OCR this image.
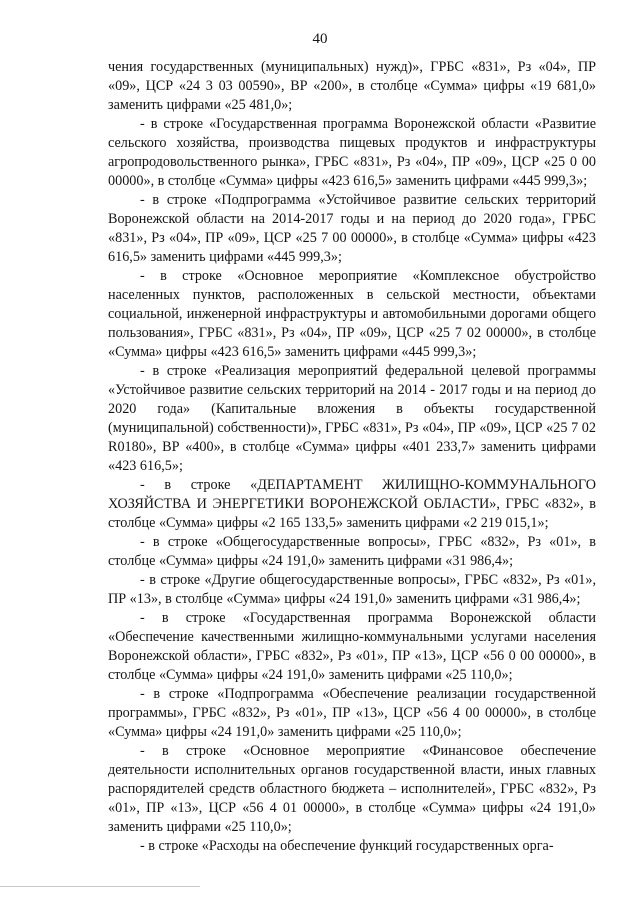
40

чения государственных (муниципальных) нужд)», ГРБС «831», Рз «04», ПР «09», ЦСР «24 3 03 00590», ВР «200», в столбце «Сумма» цифры «19 681,0» заменить цифрами «25 481,0»;

- в строке «Государственная программа Воронежской области «Развитие сельского хозяйства, производства пищевых продуктов и инфраструктуры агропродовольственного рынка», ГРБС «831», Рз «04», ПР «09», ЦСР «25 0 00 00000», в столбце «Сумма» цифры «423 616,5» заменить цифрами «445 999,3»;

- в строке «Подпрограмма «Устойчивое развитие сельских территорий Воронежской области на 2014-2017 годы и на период до 2020 года», ГРБС «831», Рз «04», ПР «09», ЦСР «25 7 00 00000», в столбце «Сумма» цифры «423 616,5» заменить цифрами «445 999,3»;

- в строке «Основное мероприятие «Комплексное обустройство населенных пунктов, расположенных в сельской местности, объектами социальной, инженерной инфраструктуры и автомобильными дорогами общего пользования», ГРБС «831», Рз «04», ПР «09», ЦСР «25 7 02 00000», в столбце «Сумма» цифры «423 616,5» заменить цифрами «445 999,3»;

- в строке «Реализация мероприятий федеральной целевой программы «Устойчивое развитие сельских территорий на 2014 - 2017 годы и на период до 2020 года» (Капитальные вложения в объекты государственной (муниципальной) собственности)», ГРБС «831», Рз «04», ПР «09», ЦСР «25 7 02 R0180», ВР «400», в столбце «Сумма» цифры «401 233,7» заменить цифрами «423 616,5»;

- в строке «ДЕПАРТАМЕНТ ЖИЛИЩНО-КОММУНАЛЬНОГО ХОЗЯЙСТВА И ЭНЕРГЕТИКИ ВОРОНЕЖСКОЙ ОБЛАСТИ», ГРБС «832», в столбце «Сумма» цифры «2 165 133,5» заменить цифрами «2 219 015,1»;

- в строке «Общегосударственные вопросы», ГРБС «832», Рз «01», в столбце «Сумма» цифры «24 191,0» заменить цифрами «31 986,4»;

- в строке «Другие общегосударственные вопросы», ГРБС «832», Рз «01», ПР «13», в столбце «Сумма» цифры «24 191,0» заменить цифрами «31 986,4»;

- в строке «Государственная программа Воронежской области «Обеспечение качественными жилищно-коммунальными услугами населения Воронежской области», ГРБС «832», Рз «01», ПР «13», ЦСР «56 0 00 00000», в столбце «Сумма» цифры «24 191,0» заменить цифрами «25 110,0»;

- в строке «Подпрограмма «Обеспечение реализации государственной программы», ГРБС «832», Рз «01», ПР «13», ЦСР «56 4 00 00000», в столбце «Сумма» цифры «24 191,0» заменить цифрами «25 110,0»;

- в строке «Основное мероприятие «Финансовое обеспечение деятельности исполнительных органов государственной власти, иных главных распорядителей средств областного бюджета – исполнителей», ГРБС «832», Рз «01», ПР «13», ЦСР «56 4 01 00000», в столбце «Сумма» цифры «24 191,0» заменить цифрами «25 110,0»;

- в строке «Расходы на обеспечение функций государственных орга-
